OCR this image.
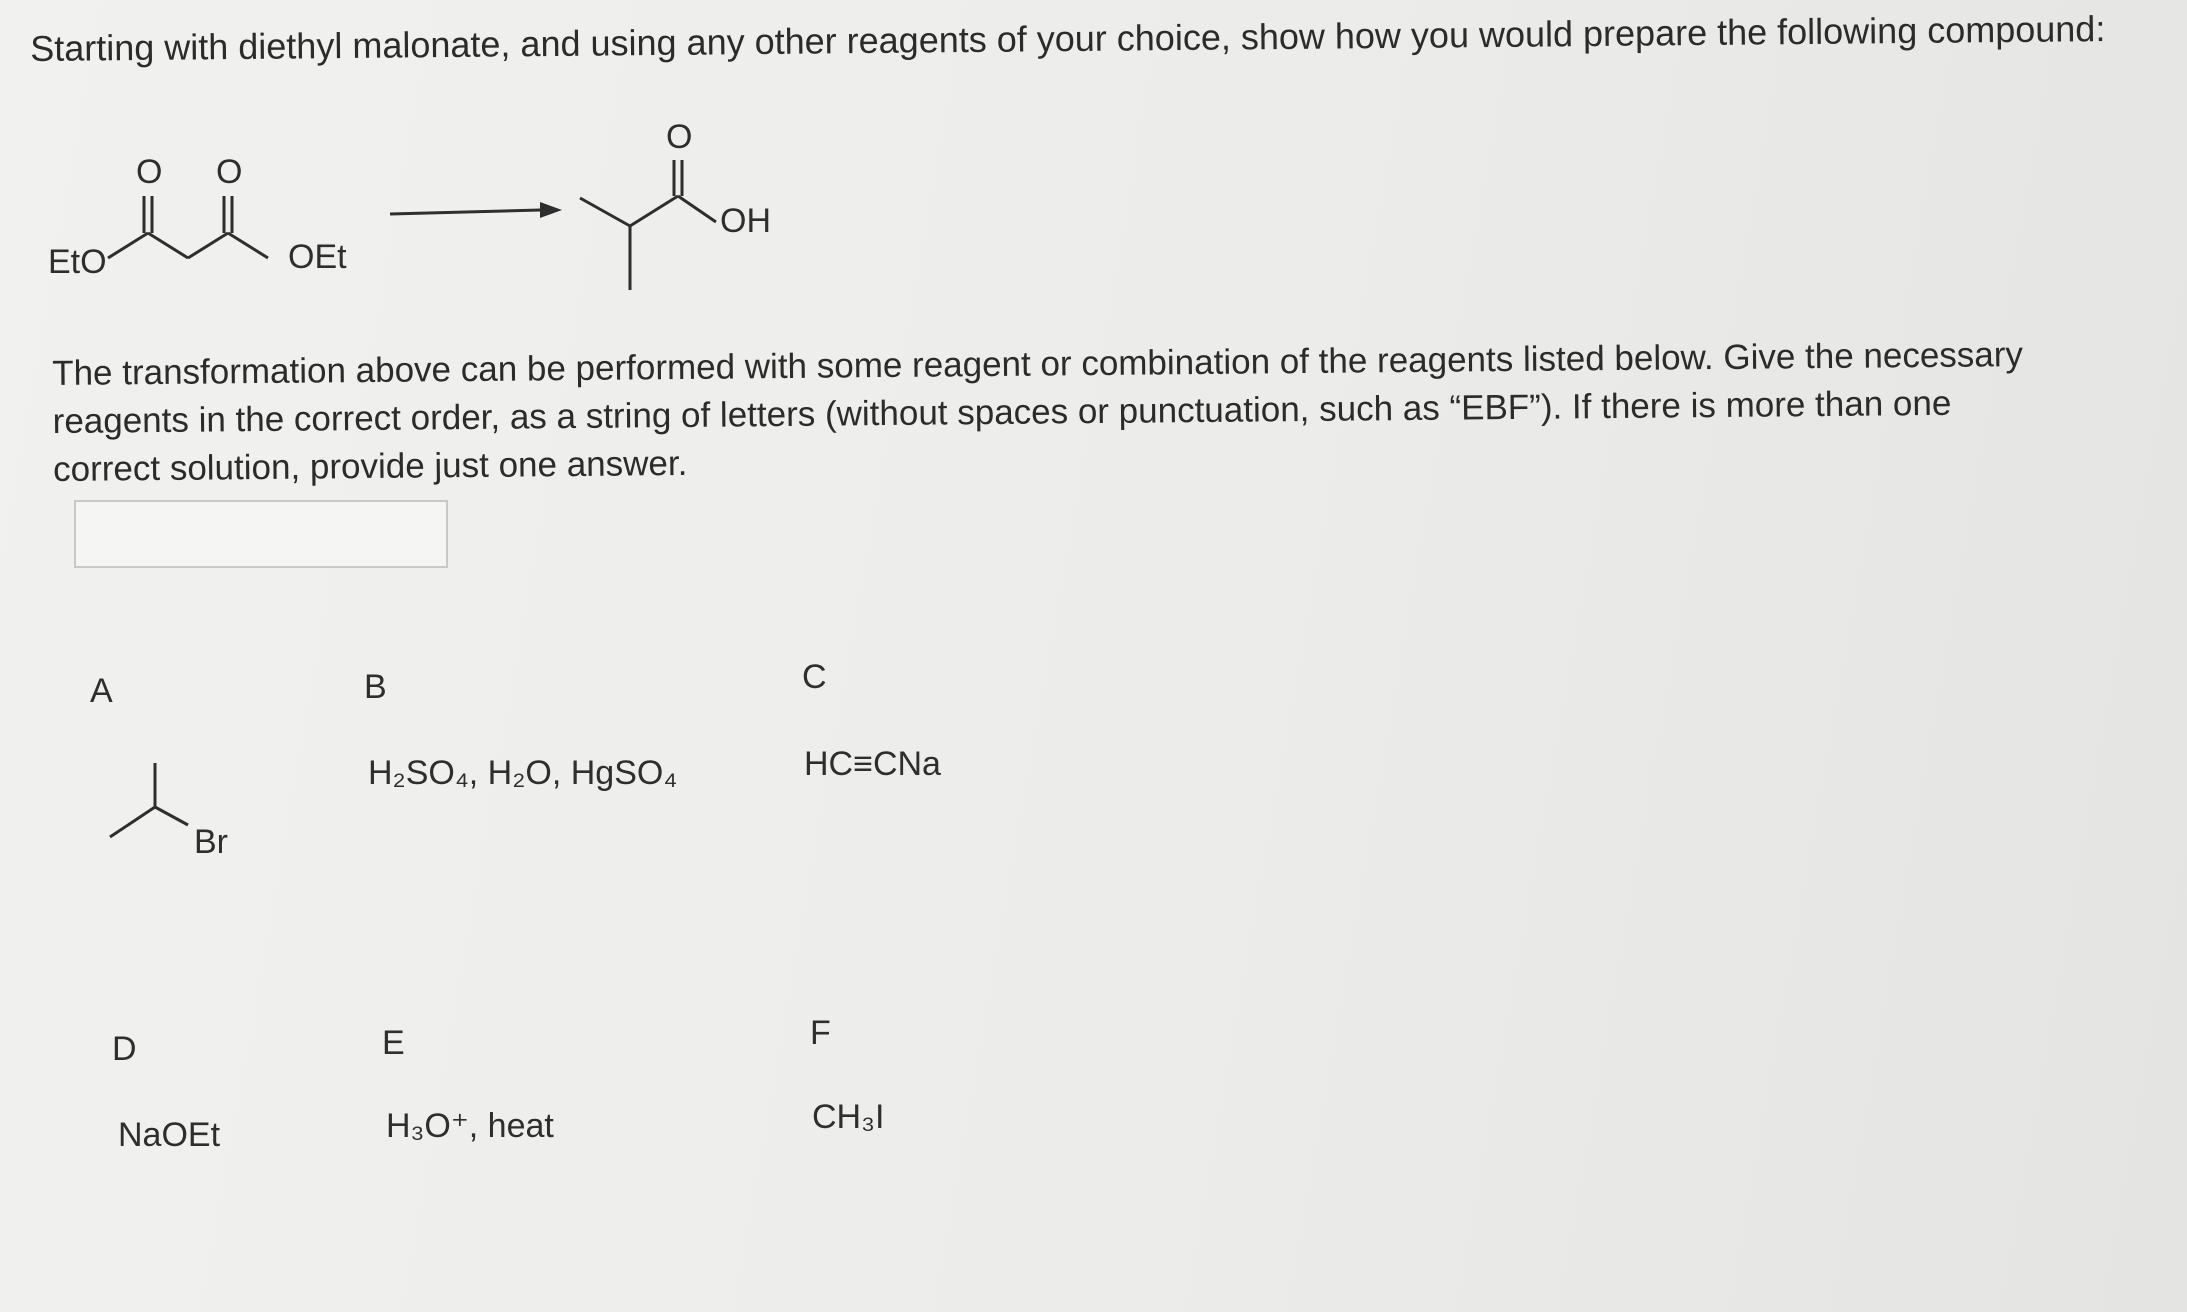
Starting with diethyl malonate, and using any other reagents of your choice, show how you would prepare the following compound:
EtO	OEt
O O
O
OH
The transformation above can be performed with some reagent or combination of the reagents listed below. Give the necessary reagents in the correct order, as a string of letters (without spaces or punctuation, such as “EBF”). If there is more than one correct solution, provide just one answer.
A
Br
B
H₂SO₄, H₂O, HgSO₄
C
HC≡CNa
D
NaOEt
E
H₃O⁺, heat
F
CH₃I
